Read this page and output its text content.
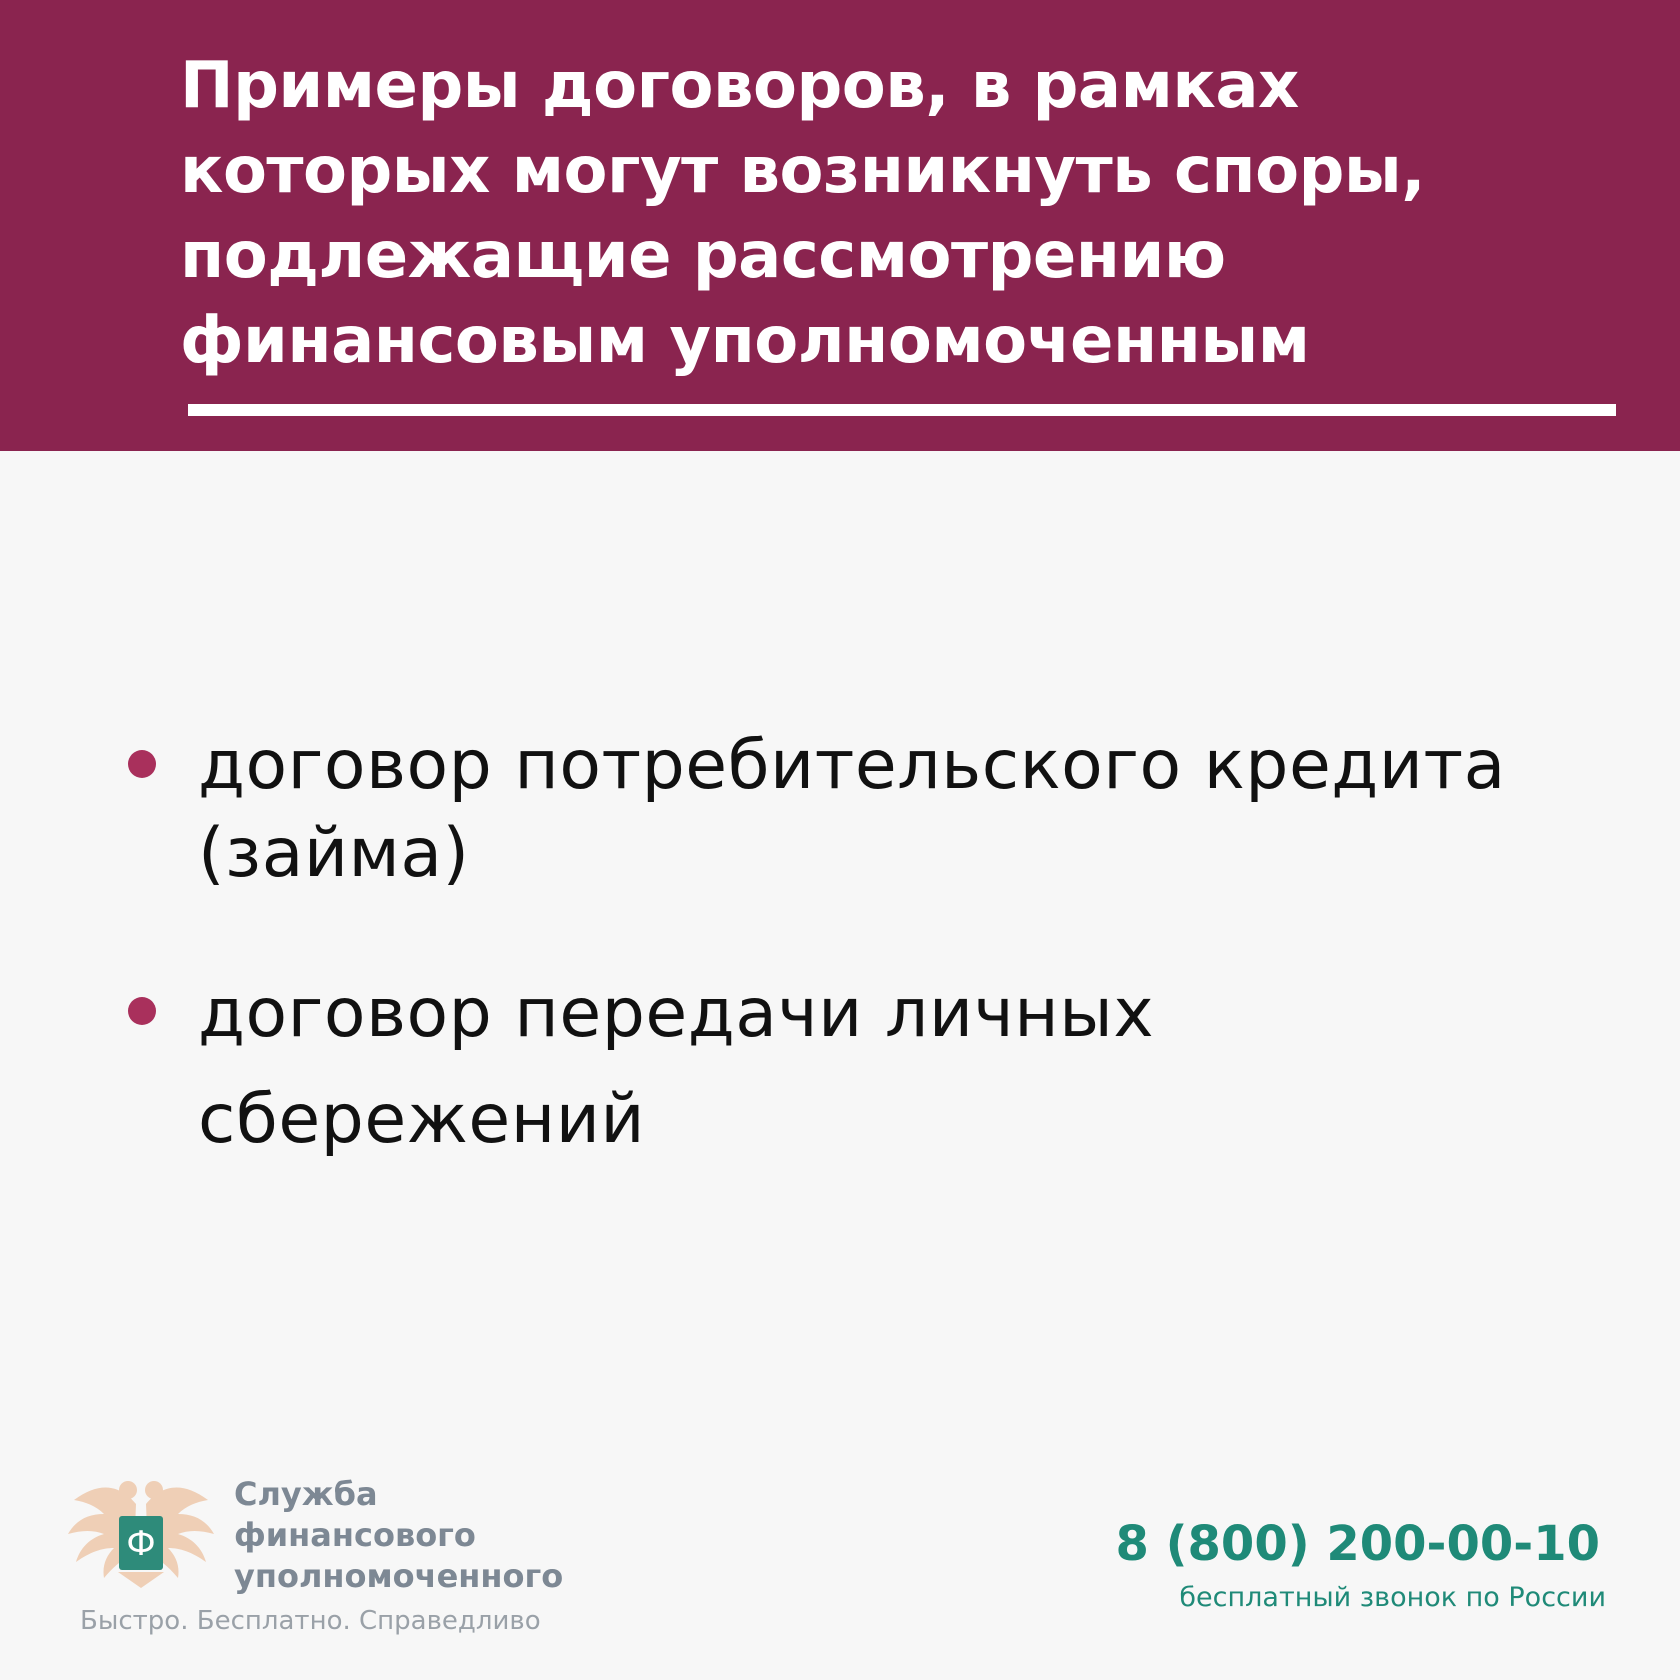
Примеры договоров, в рамках
которых могут возникнуть споры,
подлежащие рассмотрению
финансовым уполномоченным

договор потребительского кредита
(займа)

договор передачи личных
сбережений

Ф

Служба
финансового
уполномоченного

Быстро. Бесплатно. Справедливо

8 (800) 200-00-10

бесплатный звонок по России
